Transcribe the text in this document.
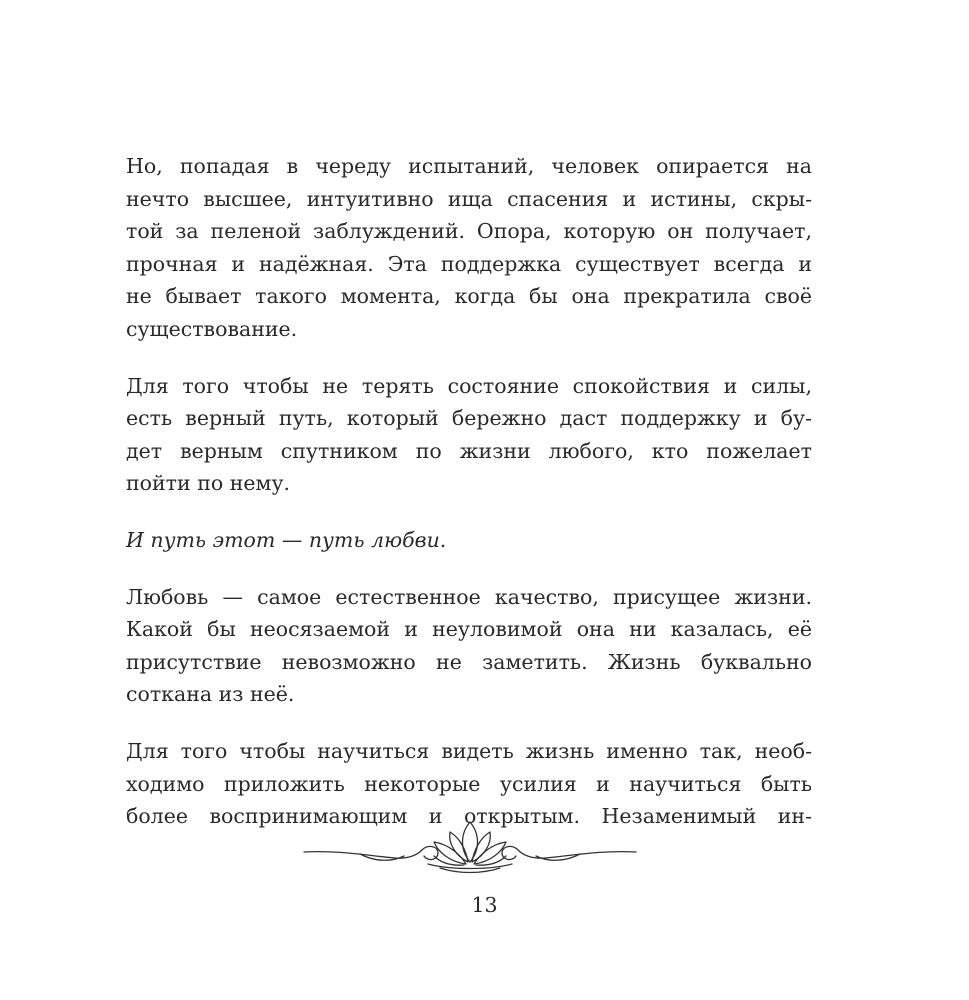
Но, попадая в череду испытаний, человек опирается на
нечто высшее, интуитивно ища спасения и истины, скры-
той за пеленой заблуждений. Опора, которую он получает,
прочная и надёжная. Эта поддержка существует всегда и
не бывает такого момента, когда бы она прекратила своё
существование.
Для того чтобы не терять состояние спокойствия и силы,
есть верный путь, который бережно даст поддержку и бу-
дет верным спутником по жизни любого, кто пожелает
пойти по нему.
И путь этот — путь любви.
Любовь — самое естественное качество, присущее жизни.
Какой бы неосязаемой и неуловимой она ни казалась, её
присутствие невозможно не заметить. Жизнь буквально
соткана из неё.
Для того чтобы научиться видеть жизнь именно так, необ-
ходимо приложить некоторые усилия и научиться быть
более воспринимающим и открытым. Незаменимый ин-
13
